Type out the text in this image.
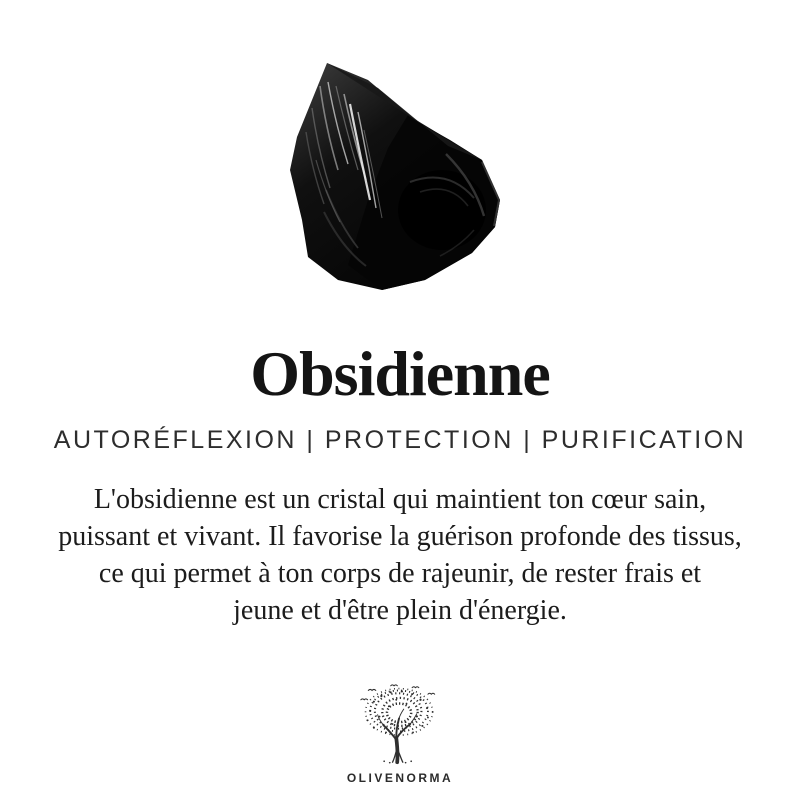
Obsidienne
AUTORÉFLEXION | PROTECTION | PURIFICATION

L'obsidienne est un cristal qui maintient ton cœur sain,
puissant et vivant. Il favorise la guérison profonde des tissus,
ce qui permet à ton corps de rajeunir, de rester frais et
jeune et d'être plein d'énergie.

OLIVENORMA
